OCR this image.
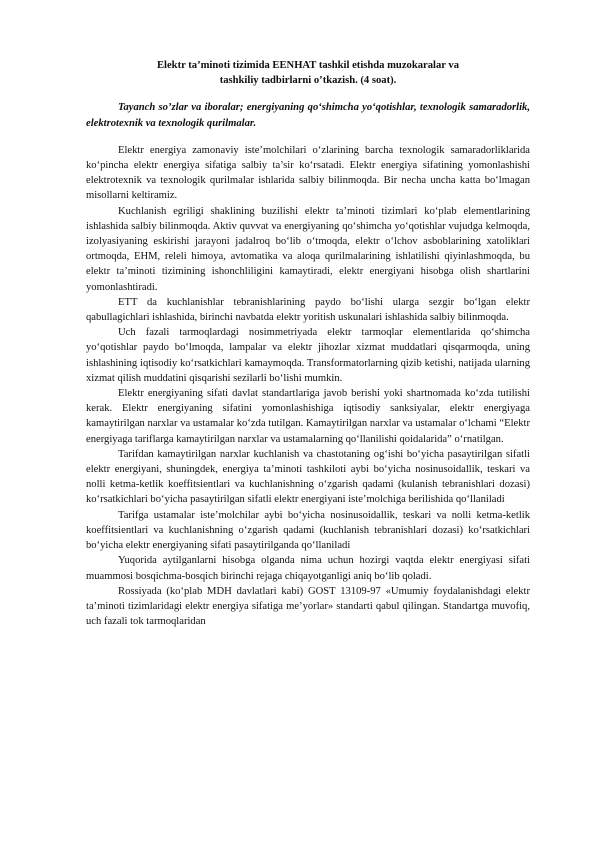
Elektr ta’minoti tizimida EENHAT tashkil etishda muzokaralar va
tashkiliy tadbirlarni o’tkazish. (4 soat).
Tayanch so’zlar va iboralar; energiyaning qo‘shimcha yo‘qotishlar, texnologik samaradorlik, elektrotexnik va texnologik qurilmalar.

Elektr energiya zamonaviy iste’molchilari o‘zlarining barcha texnologik samaradorliklarida ko‘pincha elektr energiya sifatiga salbiy ta’sir ko‘rsatadi. Elektr energiya sifatining yomonlashishi elektrotexnik va texnologik qurilmalar ishlarida salbiy bilinmoqda. Bir necha uncha katta bo‘lmagan misollarni keltiramiz.

Kuchlanish egriligi shaklining buzilishi elektr ta’minoti tizimlari ko‘plab elementlarining ishlashida salbiy bilinmoqda. Aktiv quvvat va energiyaning qo‘shimcha yo‘qotishlar vujudga kelmoqda, izolyasiyaning eskirishi jarayoni jadalroq bo‘lib o‘tmoqda, elektr o‘lchov asboblarining xatoliklari ortmoqda, EHM, releli himoya, avtomatika va aloqa qurilmalarining ishlatilishi qiyinlashmoqda, bu elektr ta’minoti tizimining ishonchliligini kamaytiradi, elektr energiyani hisobga olish shartlarini yomonlashtiradi.

ETT da kuchlanishlar tebranishlarining paydo bo‘lishi ularga sezgir bo‘lgan elektr qabullagichlari ishlashida, birinchi navbatda elektr yoritish uskunalari ishlashida salbiy bilinmoqda.

Uch fazali tarmoqlardagi nosimmetriyada elektr tarmoqlar elementlarida qo‘shimcha yo‘qotishlar paydo bo‘lmoqda, lampalar va elektr jihozlar xizmat muddatlari qisqarmoqda, uning ishlashining iqtisodiy ko‘rsatkichlari kamaymoqda. Transformatorlarning qizib ketishi, natijada ularning xizmat qilish muddatini qisqarishi sezilarli bo‘lishi mumkin.

Elektr energiyaning sifati davlat standartlariga javob berishi yoki shartnomada ko‘zda tutilishi kerak. Elektr energiyaning sifatini yomonlashishiga iqtisodiy sanksiyalar, elektr energiyaga kamaytirilgan narxlar va ustamalar ko‘zda tutilgan. Kamaytirilgan narxlar va ustamalar o‘lchami “Elektr energiyaga tariflarga kamaytirilgan narxlar va ustamalarning qo‘llanilishi qoidalarida” o‘rnatilgan.

Tarifdan kamaytirilgan narxlar kuchlanish va chastotaning og‘ishi bo‘yicha pasaytirilgan sifatli elektr energiyani, shuningdek, energiya ta’minoti tashkiloti aybi bo‘yicha nosinusoidallik, teskari va nolli ketma-ketlik koeffitsientlari va kuchlanishning o‘zgarish qadami (kulanish tebranishlari dozasi) ko‘rsatkichlari bo‘yicha pasaytirilgan sifatli elektr energiyani iste’molchiga berilishida qo‘llaniladi

Tarifga ustamalar iste’molchilar aybi bo‘yicha nosinusoidallik, teskari va nolli ketma-ketlik koeffitsientlari va kuchlanishning o‘zgarish qadami (kuchlanish tebranishlari dozasi) ko‘rsatkichlari bo‘yicha elektr energiyaning sifati pasaytirilganda qo‘llaniladi

Yuqorida aytilganlarni hisobga olganda nima uchun hozirgi vaqtda elektr energiyasi sifati muammosi bosqichma-bosqich birinchi rejaga chiqayotganligi aniq bo‘lib qoladi.

Rossiyada (ko‘plab MDH davlatlari kabi) GOST 13109-97 «Umumiy foydalanishdagi elektr ta’minoti tizimlaridagi elektr energiya sifatiga me’yorlar» standarti qabul qilingan. Standartga muvofiq, uch fazali tok tarmoqlaridan
